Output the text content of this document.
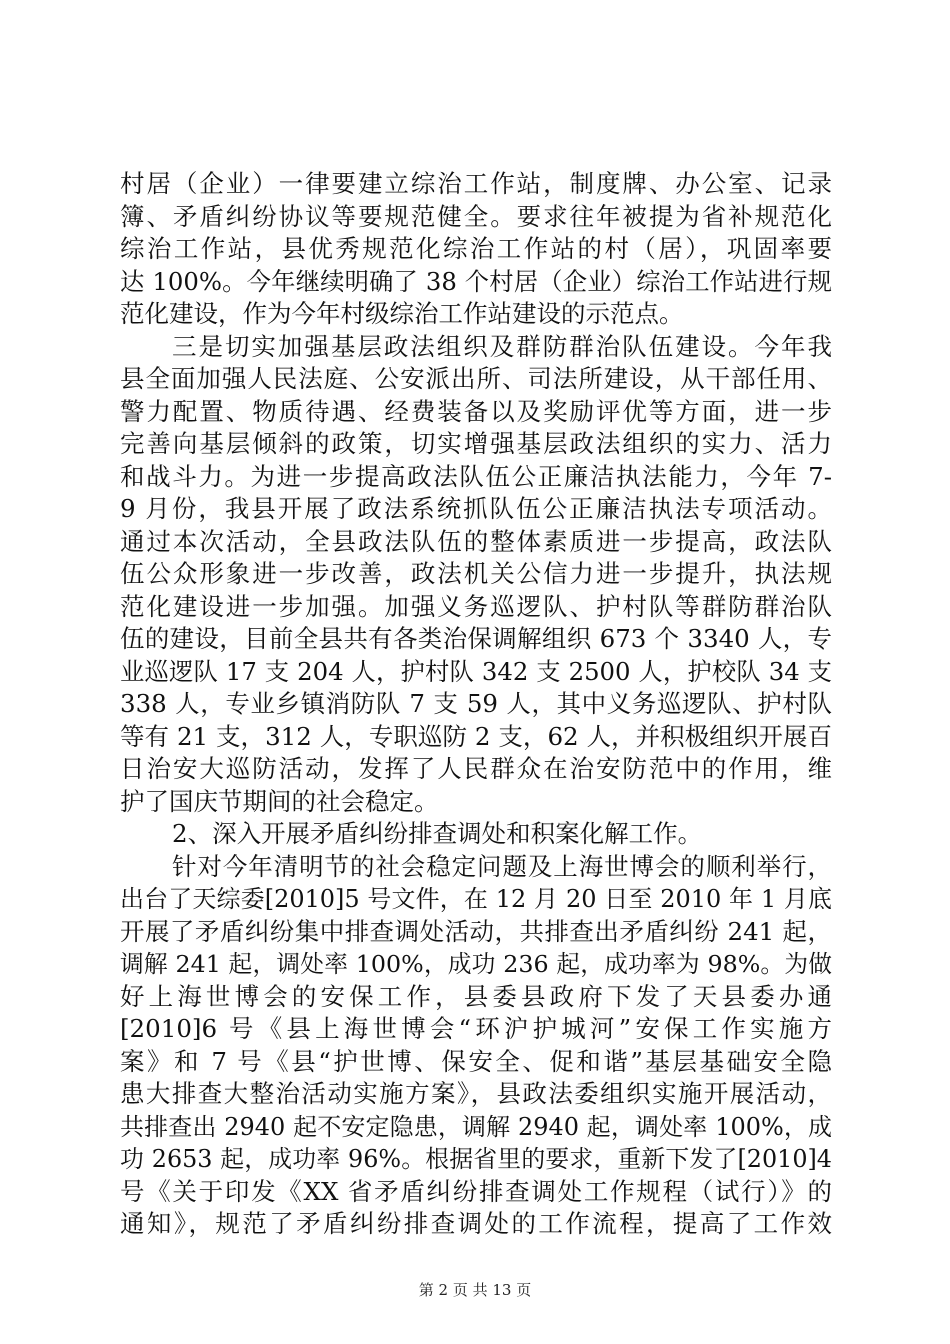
村居（企业）一律要建立综治工作站，制度牌、办公室、记录
簿、矛盾纠纷协议等要规范健全。要求往年被提为省补规范化
综治工作站，县优秀规范化综治工作站的村（居），巩固率要
达 100%。今年继续明确了 38 个村居（企业）综治工作站进行规
范化建设，作为今年村级综治工作站建设的示范点。
三是切实加强基层政法组织及群防群治队伍建设。今年我
县全面加强人民法庭、公安派出所、司法所建设，从干部任用、
警力配置、物质待遇、经费装备以及奖励评优等方面，进一步
完善向基层倾斜的政策，切实增强基层政法组织的实力、活力
和战斗力。为进一步提高政法队伍公正廉洁执法能力，今年 7-
9 月份，我县开展了政法系统抓队伍公正廉洁执法专项活动。
通过本次活动，全县政法队伍的整体素质进一步提高，政法队
伍公众形象进一步改善，政法机关公信力进一步提升，执法规
范化建设进一步加强。加强义务巡逻队、护村队等群防群治队
伍的建设，目前全县共有各类治保调解组织 673 个 3340 人，专
业巡逻队 17 支 204 人，护村队 342 支 2500 人，护校队 34 支
338 人，专业乡镇消防队 7 支 59 人，其中义务巡逻队、护村队
等有 21 支，312 人，专职巡防 2 支，62 人，并积极组织开展百
日治安大巡防活动，发挥了人民群众在治安防范中的作用，维
护了国庆节期间的社会稳定。
2、深入开展矛盾纠纷排查调处和积案化解工作。
针对今年清明节的社会稳定问题及上海世博会的顺利举行，
出台了天综委[2010]5 号文件，在 12 月 20 日至 2010 年 1 月底
开展了矛盾纠纷集中排查调处活动，共排查出矛盾纠纷 241 起，
调解 241 起，调处率 100%，成功 236 起，成功率为 98%。为做
好上海世博会的安保工作，县委县政府下发了天县委办通
[2010]6 号《县上海世博会“环沪护城河”安保工作实施方
案》和 7 号《县“护世博、保安全、促和谐”基层基础安全隐
患大排查大整治活动实施方案》，县政法委组织实施开展活动，
共排查出 2940 起不安定隐患，调解 2940 起，调处率 100%，成
功 2653 起，成功率 96%。根据省里的要求，重新下发了[2010]4
号《关于印发《XX 省矛盾纠纷排查调处工作规程（试行）》的
通知》，规范了矛盾纠纷排查调处的工作流程，提高了工作效
第 2 页 共 13 页
